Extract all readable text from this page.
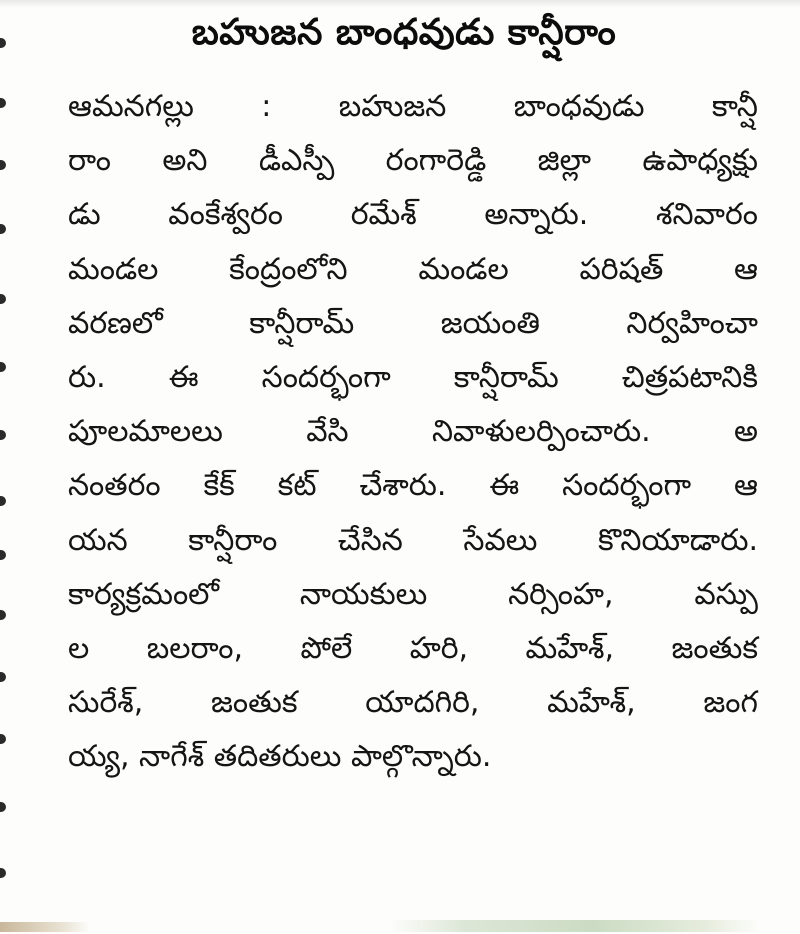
బహుజన బాంధవుడు కాన్షీరాం
ఆమనగల్లు : బహుజన బాంధవుడు కాన్షీ
రాం అని డీఎస్పీ రంగారెడ్డి జిల్లా ఉపాధ్యక్షు
డు వంకేశ్వరం రమేశ్ అన్నారు. శనివారం
మండల కేంద్రంలోని మండల పరిషత్ ఆ
వరణలో కాన్షీరామ్ జయంతి నిర్వహించా
రు. ఈ సందర్భంగా కాన్షీరామ్ చిత్రపటానికి
పూలమాలలు వేసి నివాళులర్పించారు. అ
నంతరం కేక్ కట్ చేశారు. ఈ సందర్భంగా ఆ
యన కాన్షీరాం చేసిన సేవలు కొనియాడారు.
కార్యక్రమంలో నాయకులు నర్సింహ, వస్పు
ల బలరాం, పోలే హరి, మహేశ్, జంతుక
సురేశ్, జంతుక యాదగిరి, మహేశ్, జంగ
య్య, నాగేశ్ తదితరులు పాల్గొన్నారు.
